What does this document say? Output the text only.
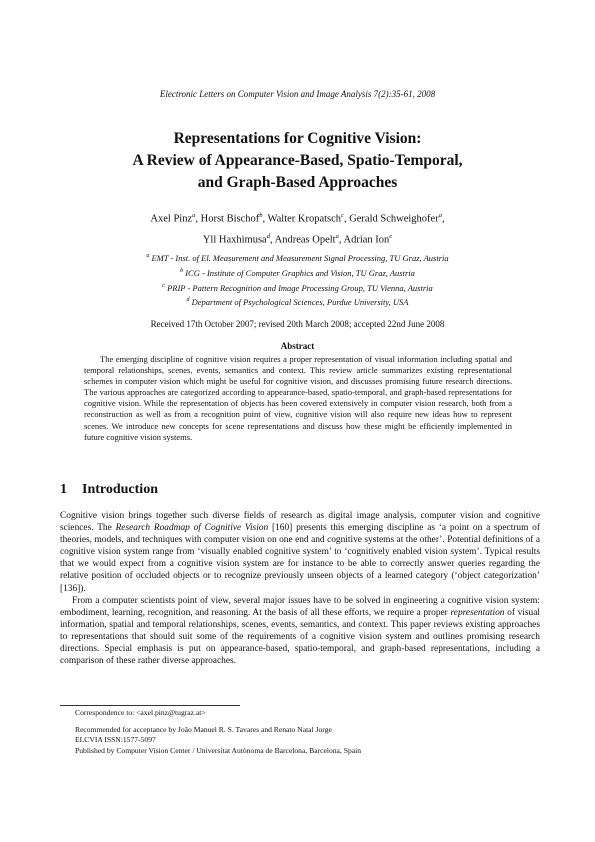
Electronic Letters on Computer Vision and Image Analysis 7(2):35-61, 2008
Representations for Cognitive Vision:
A Review of Appearance-Based, Spatio-Temporal,
and Graph-Based Approaches
Axel Pinz$^a$, Horst Bischof$^b$, Walter Kropatsch$^c$, Gerald Schweighofer$^a$,
Yll Haxhimusa$^d$, Andreas Opelt$^a$, Adrian Ion$^c$
$^a$ EMT - Inst. of El. Measurement and Measurement Signal Processing, TU Graz, Austria
$^b$ ICG - Institute of Computer Graphics and Vision, TU Graz, Austria
$^c$ PRIP - Pattern Recognition and Image Processing Group, TU Vienna, Austria
$^d$ Department of Psychological Sciences, Purdue University, USA
Received 17th October 2007; revised 20th March 2008; accepted 22nd June 2008
Abstract
The emerging discipline of cognitive vision requires a proper representation of visual information including spatial and temporal relationships, scenes, events, semantics and context. This review article summarizes existing representational schemes in computer vision which might be useful for cognitive vision, and discusses promising future research directions. The various approaches are categorized according to appearance-based, spatio-temporal, and graph-based representations for cognitive vision. While the representation of objects has been covered extensively in computer vision research, both from a reconstruction as well as from a recognition point of view, cognitive vision will also require new ideas how to represent scenes. We introduce new concepts for scene representations and discuss how these might be efficiently implemented in future cognitive vision systems.
1 Introduction

Cognitive vision brings together such diverse fields of research as digital image analysis, computer vision and cognitive sciences. The Research Roadmap of Cognitive Vision [160] presents this emerging discipline as ‘a point on a spectrum of theories, models, and techniques with computer vision on one end and cognitive systems at the other’. Potential definitions of a cognitive vision system range from ‘visually enabled cognitive system’ to ‘cognitively enabled vision system’. Typical results that we would expect from a cognitive vision system are for instance to be able to correctly answer queries regarding the relative position of occluded objects or to recognize previously unseen objects of a learned category (‘object categorization’ [136]).

From a computer scientists point of view, several major issues have to be solved in engineering a cognitive vision system: embodiment, learning, recognition, and reasoning. At the basis of all these efforts, we require a proper representation of visual information, spatial and temporal relationships, scenes, events, semantics, and context. This paper reviews existing approaches to representations that should suit some of the requirements of a cognitive vision system and outlines promising research directions. Special emphasis is put on appearance-based, spatio-temporal, and graph-based representations, including a comparison of these rather diverse approaches.

Correspondence to: <axel.pinz@tugraz.at>
Recommended for acceptance by João Manuel R. S. Tavares and Renato Natal Jorge
ELCVIA ISSN:1577-5097
Published by Computer Vision Center / Universitat Autònoma de Barcelona, Barcelona, Spain
